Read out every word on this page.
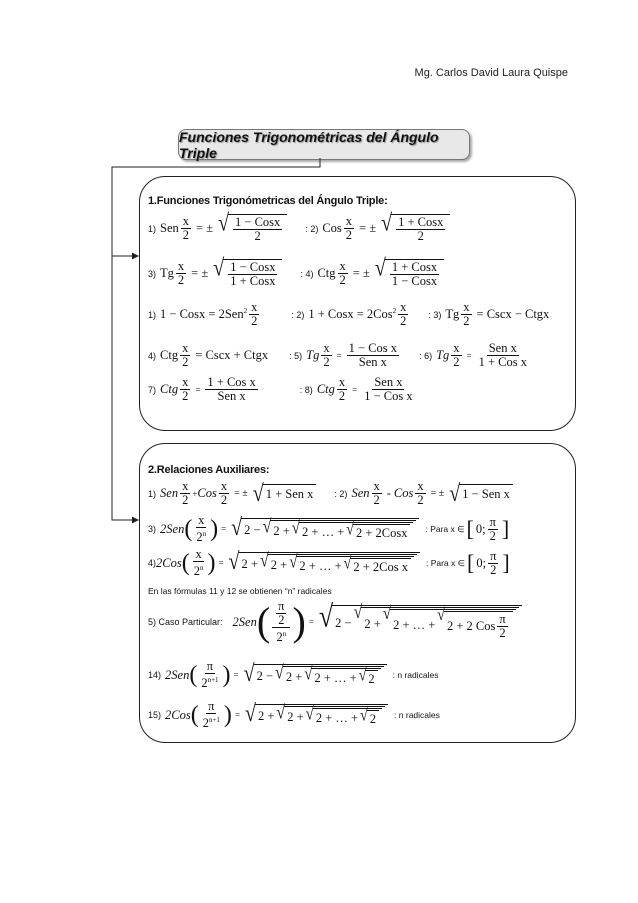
Mg. Carlos David Laura Quispe
Funciones Trigonométricas del Ángulo Triple
1.Funciones Trigonómetricas del Ángulo Triple:
1) Sen $\frac{x}{2}$ = ± √ $\frac{\text{1 − Cosx}}{2}$	: 2) Cos $\frac{x}{2}$ = ± √ $\frac{\text{1 + Cosx}}{2}$
3) Tg $\frac{x}{2}$ = ± √ $\frac{\text{1 − Cosx}}{\text{1 + Cosx}}$	: 4) Ctg $\frac{x}{2}$ = ± √ $\frac{\text{1 + Cosx}}{\text{1 − Cosx}}$
1) 1 − Cosx = $2Sen^2 \frac{x}{2}$	: 2) 1 + Cosx = $2Cos^2 \frac{x}{2}$ : 3) Tg $\frac{x}{2}$ = Cscx − Ctgx
4) Ctg $\frac{x}{2}$ = Cscx + Ctgx : 5) Tg $\frac{x}{2} = \frac{\text{1 − Cos x}}{\text{Sen x}}$ : 6) Tg $\frac{x}{2} = \frac{\text{Sen x}}{\text{1 + Cos x}}$
7) Ctg $\frac{x}{2} = \frac{\text{1 + Cos x}}{\text{Sen x}}$	: 8) Ctg $\frac{x}{2} = \frac{\text{Sen x}}{\text{1 − Cos x}}$
2.Relaciones Auxiliares:
1) Sen $\frac{x}{2}$ + Cos $\frac{x}{2}$ = ± √ 1 + Sen x	: 2) Sen $\frac{x}{2}$ - Cos $\frac{x}{2}$ = ± √ 1 − Sen x
3) 2Sen ( $\frac{x}{2^n}$ ) = √ 2 − √ 2 + √ 2 + … + √ 2 + 2Cosx	: Para x ∈ [ 0; $\frac{\pi}{2}$ ]
4) 2Cos ( $\frac{x}{2^n}$ ) = √ 2 + √ 2 + √ 2 + … + √ 2 + 2Cos x	: Para x ∈ [ 0; $\frac{\pi}{2}$ ]
En las fórmulas 11 y 12 se obtienen “n” radicales
5) Caso Particular: 2Sen ( $\frac{\frac{\pi}{2}}{2^n}$ ) = √ 2 −
√
2 +
√
2 + … +
√
2 + 2 Cos $\frac{\pi}{2}$
14) 2Sen ( $\frac{\pi}{2^{n+1}}$ ) = √ 2 − √ 2 + √ 2 + … + √ 2	: n radicales
15) 2Cos ( $\frac{\pi}{2^{n+1}}$ ) = √ 2 + √ 2 + √ 2 + … + √ 2	: n radicales
